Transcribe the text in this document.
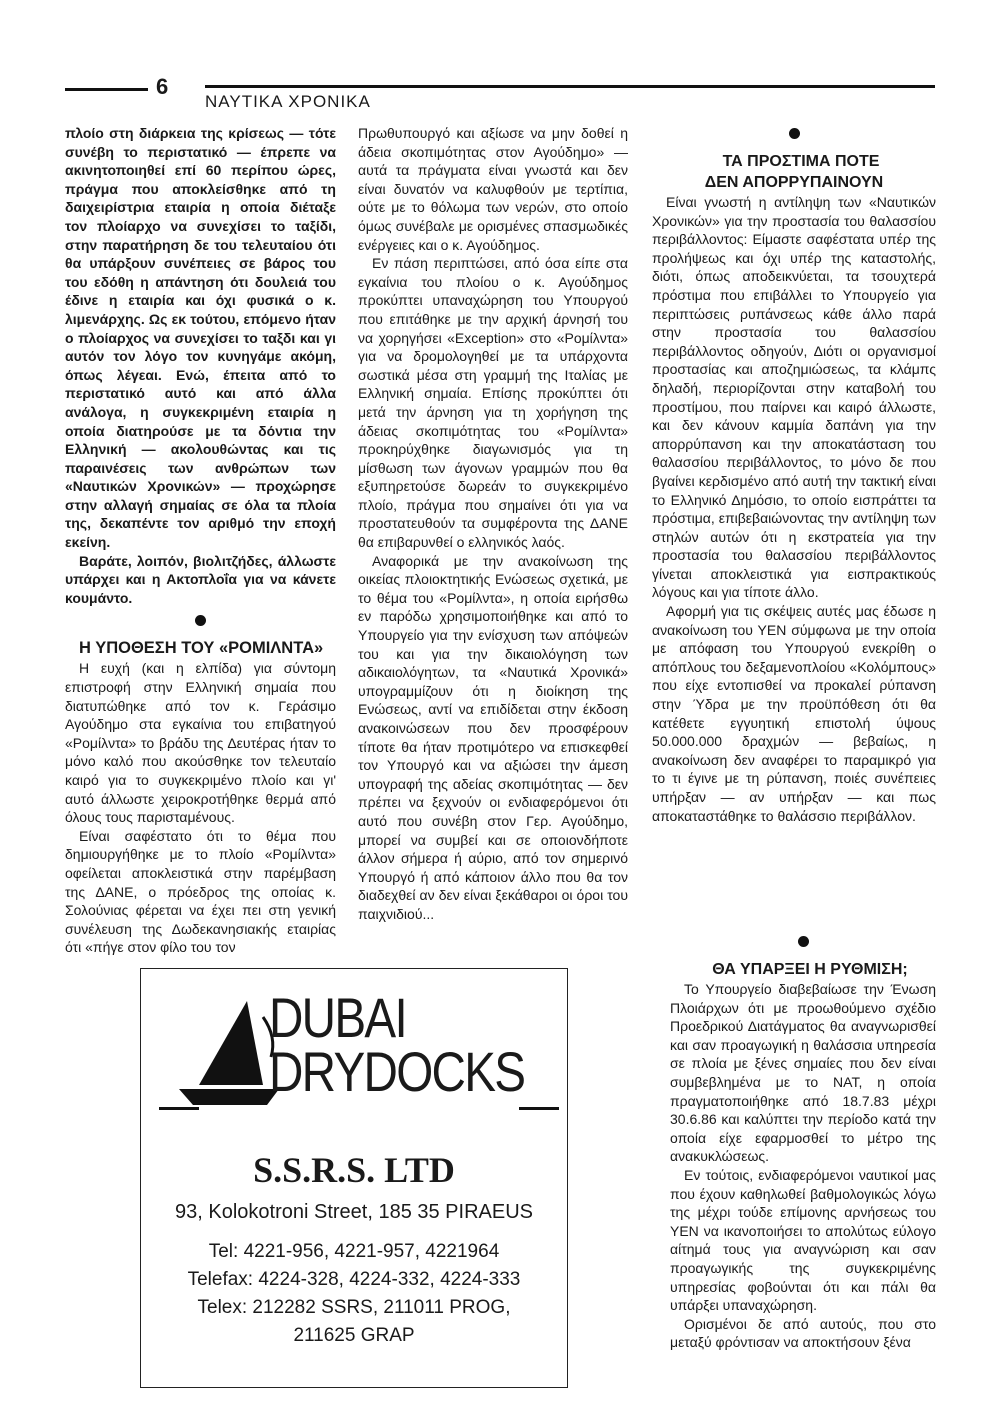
6
ΝΑΥΤΙΚΑ ΧΡΟΝΙΚΑ

πλοίο στη διάρκεια της κρίσεως — τότε συνέβη το περιστατικό — έπρεπε να ακινητοποιηθεί επί 60 περίπου ώρες, πράγμα που αποκλείσθηκε από τη δαιχειρίστρια εταιρία η οποία διέταξε τον πλοίαρχο να συνεχίσει το ταξίδι, στην παρατήρηση δε του τελευταίου ότι θα υπάρξουν συνέπειες σε βάρος του του εδόθη η απάντηση ότι δουλειά του έδινε η εταιρία και όχι φυσικά ο κ. λιμενάρχης. Ως εκ τούτου, επόμενο ήταν ο πλοίαρχος να συνεχίσει το ταξδι και γι αυτόν τον λόγο τον κυνηγάμε ακόμη, όπως λέγεαι. Ενώ, έπειτα από το περιστατικό αυτό και από άλλα ανάλογα, η συγκεκριμένη εταιρία η οποία διατηρούσε με τα δόντια την Ελληνική — ακολουθώντας και τις παραινέσεις των ανθρώπων των «Ναυτικών Χρονικών» — προχώρησε στην αλλαγή σημαίας σε όλα τα πλοία της, δεκαπέντε τον αριθμό την εποχή εκείνη.

Βαράτε, λοιπόν, βιολιτζήδες, άλλωστε υπάρχει και η Ακτοπλοΐα για να κάνετε κουμάντο.

Η ΥΠΟΘΕΣΗ ΤΟΥ «ΡΟΜΙΛΝΤΑ»

Η ευχή (και η ελπίδα) για σύντομη επιστροφή στην Ελληνική σημαία που διατυπώθηκε από τον κ. Γεράσιμο Αγούδημο στα εγκαίνια του επιβατηγού «Ρομίλντα» το βράδυ της Δευτέρας ήταν το μόνο καλό που ακούσθηκε τον τελευταίο καιρό για το συγκεκριμένο πλοίο και γι' αυτό άλλωστε χειροκροτήθηκε θερμά από όλους τους παρισταμένους.

Είναι σαφέστατο ότι το θέμα που δημιουργήθηκε με το πλοίο «Ρομίλντα» οφείλεται αποκλειστικά στην παρέμβαση της ΔΑΝΕ, ο πρόεδρος της οποίας κ. Σολούνιας φέρεται να έχει πει στη γενική συνέλευση της Δωδεκανησιακής εταιρίας ότι «πήγε στον φίλο του τον

Πρωθυπουργό και αξίωσε να μην δοθεί η άδεια σκοπιμότητας στον Αγούδημο» — αυτά τα πράγματα είναι γνωστά και δεν είναι δυνατόν να καλυφθούν με τερτίπια, ούτε με το θόλωμα των νερών, στο οποίο όμως συνέβαλε με ορισμένες σπασμωδικές ενέργειες και ο κ. Αγούδημος.

Εν πάση περιπτώσει, από όσα είπε στα εγκαίνια του πλοίου ο κ. Αγούδημος προκύπτει υπαναχώρηση του Υπουργού που επιτάθηκε με την αρχική άρνησή του να χορηγήσει «Exception» στο «Ρομίλντα» για να δρομολογηθεί με τα υπάρχοντα σωστικά μέσα στη γραμμή της Ιταλίας με Ελληνική σημαία. Επίσης προκύπτει ότι μετά την άρνηση για τη χορήγηση της άδειας σκοπιμότητας του «Ρομίλντα» προκηρύχθηκε διαγωνισμός για τη μίσθωση των άγονων γραμμών που θα εξυπηρετούσε δωρεάν το συγκεκριμένο πλοίο, πράγμα που σημαίνει ότι για να προστατευθούν τα συμφέροντα της ΔΑΝΕ θα επιβαρυνθεί ο ελληνικός λαός.

Αναφορικά με την ανακοίνωση της οικείας πλοιοκτητικής Ενώσεως σχετικά, με το θέμα του «Ρομίλντα», η οποία ειρήσθω εν παρόδω χρησιμοποιήθηκε και από το Υπουργείο για την ενίσχυση των απόψεών του και για την δικαιολόγηση των αδικαιολόγητων, τα «Ναυτικά Χρονικά» υπογραμμίζουν ότι η διοίκηση της Ενώσεως, αντί να επιδίδεται στην έκδοση ανακοινώσεων που δεν προσφέρουν τίποτε θα ήταν προτιμότερο να επισκεφθεί τον Υπουργό και να αξιώσει την άμεση υπογραφή της αδείας σκοπιμότητας — δεν πρέπει να ξεχνούν οι ενδιαφερόμενοι ότι αυτό που συνέβη στον Γερ. Αγούδημο, μπορεί να συμβεί και σε οποιονδήποτε άλλον σήμερα ή αύριο, από τον σημερινό Υπουργό ή από κάποιον άλλο που θα τον διαδεχθεί αν δεν είναι ξεκάθαροι οι όροι του παιχνιδιού...

ΤΑ ΠΡΟΣΤΙΜΑ ΠΟΤΕ
ΔΕΝ ΑΠΟΡΡΥΠΑΙΝΟΥΝ

Είναι γνωστή η αντίληψη των «Ναυτικών Χρονικών» για την προστασία του θαλασσίου περιβάλλοντος: Είμαστε σαφέστατα υπέρ της προλήψεως και όχι υπέρ της καταστολής, διότι, όπως αποδεικνύεται, τα τσουχτερά πρόστιμα που επιβάλλει το Υπουργείο για περιπτώσεις ρυπάνσεως κάθε άλλο παρά στην προστασία του θαλασσίου περιβάλλοντος οδηγούν, Διότι οι οργανισμοί προστασίας και αποζημιώσεως, τα κλάμπς δηλαδή, περιορίζονται στην καταβολή του προστίμου, που παίρνει και καιρό άλλωστε, και δεν κάνουν καμμία δαπάνη για την απορρύπανση και την αποκατάσταση του θαλασσίου περιβάλλοντος, το μόνο δε που βγαίνει κερδισμένο από αυτή την τακτική είναι το Ελληνικό Δημόσιο, το οποίο εισπράττει τα πρόστιμα, επιβεβαιώνοντας την αντίληψη των στηλών αυτών ότι η εκστρατεία για την προστασία του θαλασσίου περιβάλλοντος γίνεται αποκλειστικά για εισπρακτικούς λόγους και για τίποτε άλλο.

Αφορμή για τις σκέψεις αυτές μας έδωσε η ανακοίνωση του ΥΕΝ σύμφωνα με την οποία με απόφαση του Υπουργού ενεκρίθη ο απόπλους του δεξαμενοπλοίου «Κολόμπους» που είχε εντοπισθεί να προκαλεί ρύπανση στην Ύδρα με την προϋπόθεση ότι θα κατέθετε εγγυητική επιστολή ύψους 50.000.000 δραχμών — βεβαίως, η ανακοίνωση δεν αναφέρει το παραμικρό για το τι έγινε με τη ρύπανση, ποιές συνέπειες υπήρξαν — αν υπήρξαν — και πως αποκαταστάθηκε το θαλάσσιο περιβάλλον.

ΘΑ ΥΠΑΡΞΕΙ Η ΡΥΘΜΙΣΗ;

Το Υπουργείο διαβεβαίωσε την Ένωση Πλοιάρχων ότι με προωθούμενο σχέδιο Προεδρικού Διατάγματος θα αναγνωρισθεί και σαν προαγωγική η θαλάσσια υπηρεσία σε πλοία με ξένες σημαίες που δεν είναι συμβεβλημένα με το ΝΑΤ, η οποία πραγματοποιήθηκε από 18.7.83 μέχρι 30.6.86 και καλύπτει την περίοδο κατά την οποία είχε εφαρμοσθεί το μέτρο της ανακυκλώσεως.

Εν τούτοις, ενδιαφερόμενοι ναυτικοί μας που έχουν καθηλωθεί βαθμολογικώς λόγω της μέχρι τούδε επίμονης αρνήσεως του ΥΕΝ να ικανοποιήσει το απολύτως εύλογο αίτημά τους για αναγνώριση και σαν προαγωγικής της συγκεκριμένης υπηρεσίας φοβούνται ότι και πάλι θα υπάρξει υπαναχώρηση.

Ορισμένοι δε από αυτούς, που στο μεταξύ φρόντισαν να αποκτήσουν ξένα

DUBAI
DRYDOCKS
S.S.R.S. LTD
93, Kolokotroni Street, 185 35 PIRAEUS
Tel: 4221-956, 4221-957, 4221964
Telefax: 4224-328, 4224-332, 4224-333
Telex: 212282 SSRS, 211011 PROG,
211625 GRAP
